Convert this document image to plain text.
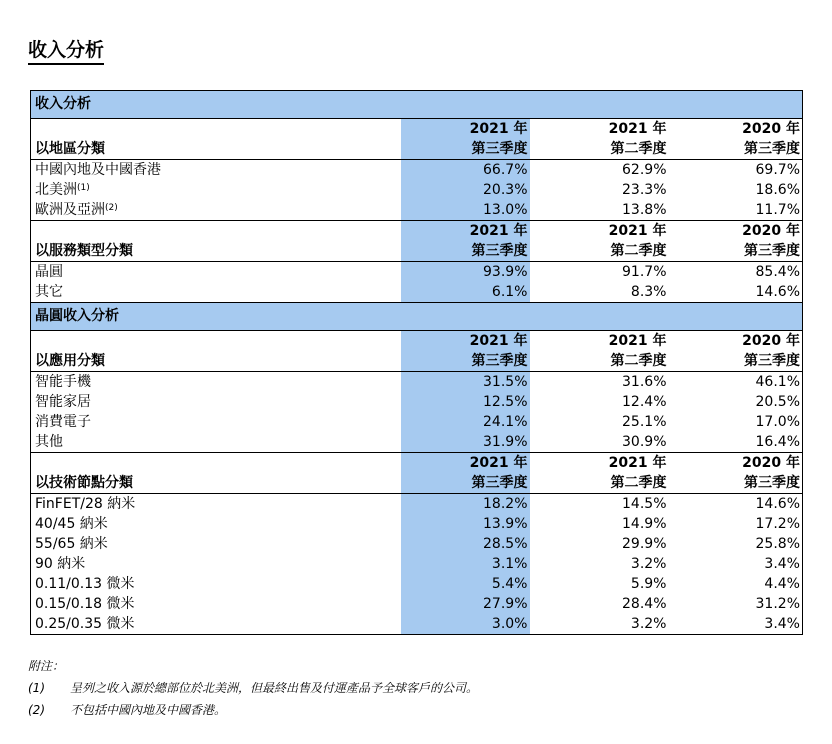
收入分析
收入分析			
	2021 年	2021 年	2020 年
以地區分類	第三季度	第二季度	第三季度
中國內地及中國香港	66.7%	62.9%	69.7%
北美洲$^{(1)}$	20.3%	23.3%	18.6%
歐洲及亞洲$^{(2)}$	13.0%	13.8%	11.7%
	2021 年	2021 年	2020 年
以服務類型分類	第三季度	第二季度	第三季度
晶圓	93.9%	91.7%	85.4%
其它	6.1%	8.3%	14.6%
晶圓收入分析			
	2021 年	2021 年	2020 年
以應用分類	第三季度	第二季度	第三季度
智能手機	31.5%	31.6%	46.1%
智能家居	12.5%	12.4%	20.5%
消費電子	24.1%	25.1%	17.0%
其他	31.9%	30.9%	16.4%
	2021 年	2021 年	2020 年
以技術節點分類	第三季度	第二季度	第三季度
FinFET/28 納米	18.2%	14.5%	14.6%
40/45 納米	13.9%	14.9%	17.2%
55/65 納米	28.5%	29.9%	25.8%
90 納米	3.1%	3.2%	3.4%
0.11/0.13 微米	5.4%	5.9%	4.4%
0.15/0.18 微米	27.9%	28.4%	31.2%
0.25/0.35 微米	3.0%	3.2%	3.4%
附注：
(1) 呈列之收入源於總部位於北美洲，但最終出售及付運產品予全球客戶的公司。
(2) 不包括中國內地及中國香港。
